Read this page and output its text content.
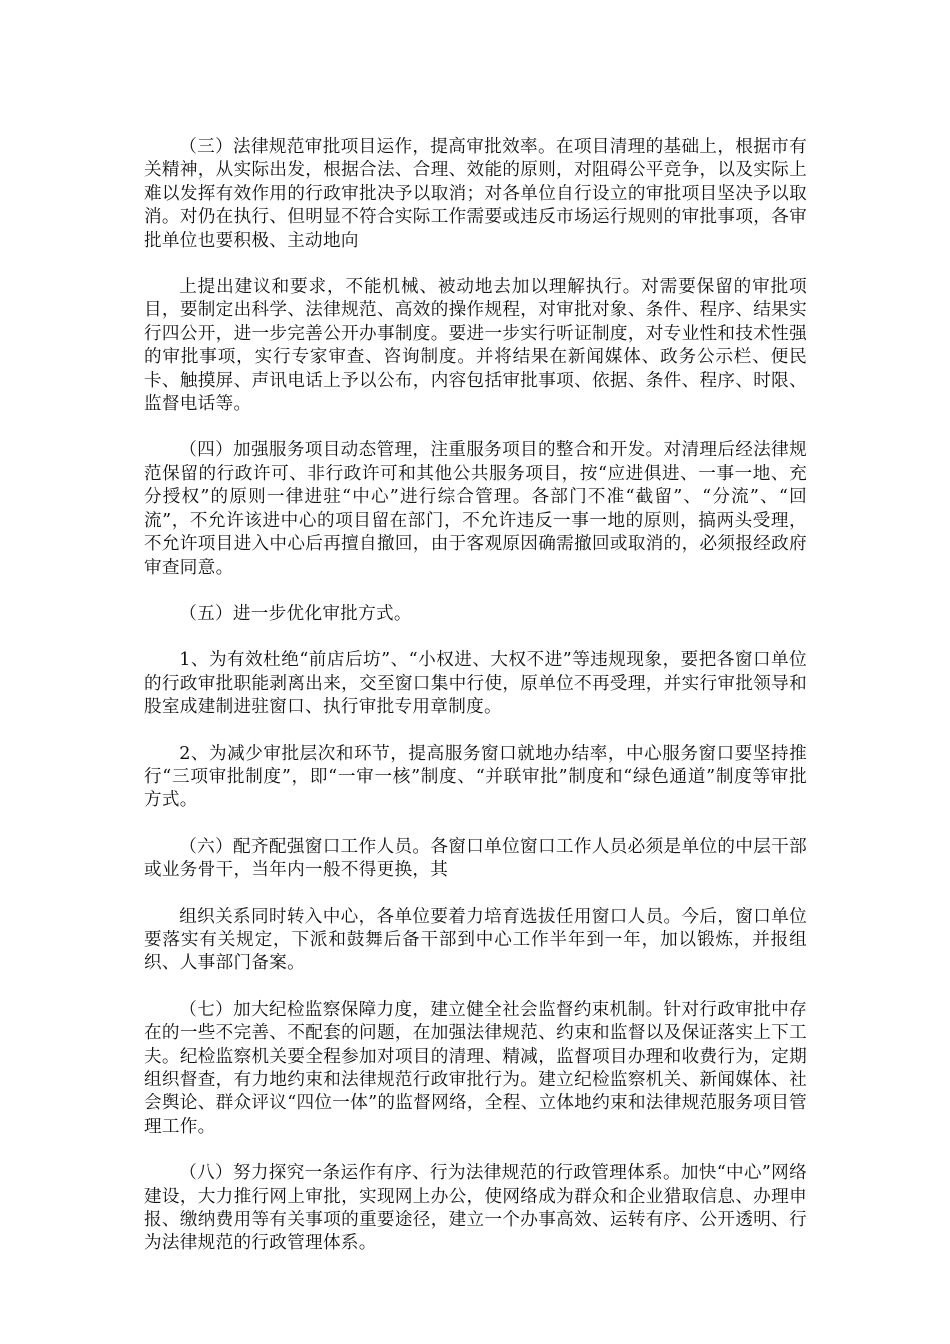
（三）法律规范审批项目运作，提高审批效率。在项目清理的基础上，根据市有关精神，从实际出发，根据合法、合理、效能的原则，对阻碍公平竞争，以及实际上难以发挥有效作用的行政审批决予以取消；对各单位自行设立的审批项目坚决予以取消。对仍在执行、但明显不符合实际工作需要或违反市场运行规则的审批事项，各审批单位也要积极、主动地向

上提出建议和要求，不能机械、被动地去加以理解执行。对需要保留的审批项目，要制定出科学、法律规范、高效的操作规程，对审批对象、条件、程序、结果实行四公开，进一步完善公开办事制度。要进一步实行听证制度，对专业性和技术性强的审批事项，实行专家审查、咨询制度。并将结果在新闻媒体、政务公示栏、便民卡、触摸屏、声讯电话上予以公布，内容包括审批事项、依据、条件、程序、时限、监督电话等。

（四）加强服务项目动态管理，注重服务项目的整合和开发。对清理后经法律规范保留的行政许可、非行政许可和其他公共服务项目，按“应进俱进、一事一地、充分授权”的原则一律进驻“中心”进行综合管理。各部门不准“截留”、“分流”、“回流”，不允许该进中心的项目留在部门，不允许违反一事一地的原则，搞两头受理，不允许项目进入中心后再擅自撤回，由于客观原因确需撤回或取消的，必须报经政府审查同意。

（五）进一步优化审批方式。

1、为有效杜绝“前店后坊”、“小权进、大权不进”等违规现象，要把各窗口单位的行政审批职能剥离出来，交至窗口集中行使，原单位不再受理，并实行审批领导和股室成建制进驻窗口、执行审批专用章制度。

2、为减少审批层次和环节，提高服务窗口就地办结率，中心服务窗口要坚持推行“三项审批制度”，即“一审一核”制度、“并联审批”制度和“绿色通道”制度等审批方式。

（六）配齐配强窗口工作人员。各窗口单位窗口工作人员必须是单位的中层干部或业务骨干，当年内一般不得更换，其

组织关系同时转入中心，各单位要着力培育选拔任用窗口人员。今后，窗口单位要落实有关规定，下派和鼓舞后备干部到中心工作半年到一年，加以锻炼，并报组织、人事部门备案。

（七）加大纪检监察保障力度，建立健全社会监督约束机制。针对行政审批中存在的一些不完善、不配套的问题，在加强法律规范、约束和监督以及保证落实上下工夫。纪检监察机关要全程参加对项目的清理、精减，监督项目办理和收费行为，定期组织督查，有力地约束和法律规范行政审批行为。建立纪检监察机关、新闻媒体、社会舆论、群众评议“四位一体”的监督网络，全程、立体地约束和法律规范服务项目管理工作。

（八）努力探究一条运作有序、行为法律规范的行政管理体系。加快“中心”网络建设，大力推行网上审批，实现网上办公，使网络成为群众和企业猎取信息、办理申报、缴纳费用等有关事项的重要途径，建立一个办事高效、运转有序、公开透明、行为法律规范的行政管理体系。
